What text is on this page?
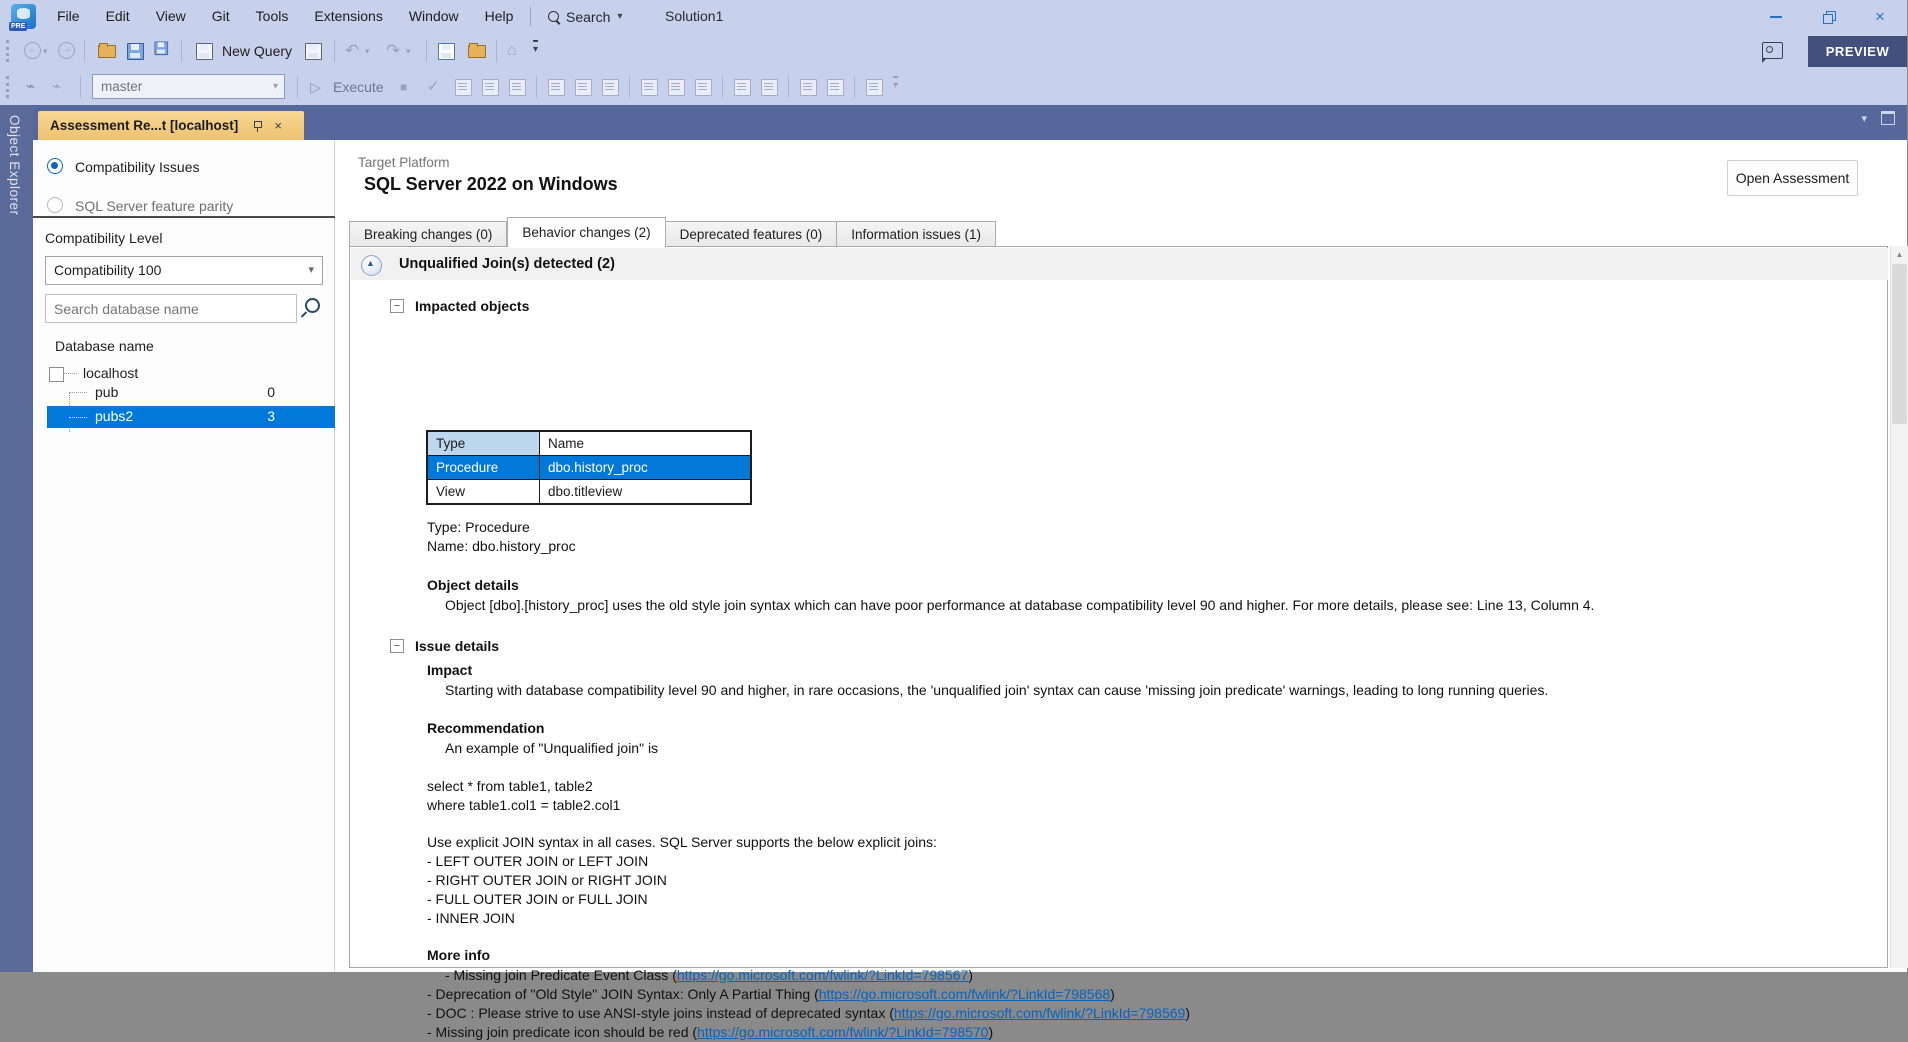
PRE
File	Edit	View	Git	Tools	Extensions	Window	Help	Search ▾	Solution1	×
← ▾	→	New Query	↶ ▾ ↷ ▾	⌂ ▾	PREVIEW
⌁ ⌁	master	▾ ▷ Execute ■ ✓	▾
Object Explorer	Assessment Re...t [localhost]	×	▾
Compatibility Issues
SQL Server feature parity
Compatibility Level
Compatibility 100	▾
Search database name
Database name
localhost
pub	0
pubs2	3
Target Platform
SQL Server 2022 on Windows	Open Assessment
Breaking changes (0)	Behavior changes (2)	Deprecated features (0)	Information issues (1)
▲ Unqualified Join(s) detected (2)
− Impacted objects
Type	Name
Procedure	dbo.history_proc
View	dbo.titleview
Type: Procedure
Name: dbo.history_proc
Object details
Object [dbo].[history_proc] uses the old style join syntax which can have poor performance at database compatibility level 90 and higher. For more details, please see: Line 13, Column 4.
− Issue details
Impact
Starting with database compatibility level 90 and higher, in rare occasions, the 'unqualified join' syntax can cause 'missing join predicate' warnings, leading to long running queries.
Recommendation
An example of "Unqualified join" is
select * from table1, table2
where table1.col1 = table2.col1
Use explicit JOIN syntax in all cases. SQL Server supports the below explicit joins:
- LEFT OUTER JOIN or LEFT JOIN
- RIGHT OUTER JOIN or RIGHT JOIN
- FULL OUTER JOIN or FULL JOIN
- INNER JOIN
More info
- Missing join Predicate Event Class (https://go.microsoft.com/fwlink/?LinkId=798567)
- Deprecation of "Old Style" JOIN Syntax: Only A Partial Thing (https://go.microsoft.com/fwlink/?LinkId=798568)
- DOC : Please strive to use ANSI-style joins instead of deprecated syntax (https://go.microsoft.com/fwlink/?LinkId=798569)
- Missing join predicate icon should be red (https://go.microsoft.com/fwlink/?LinkId=798570)
▲
